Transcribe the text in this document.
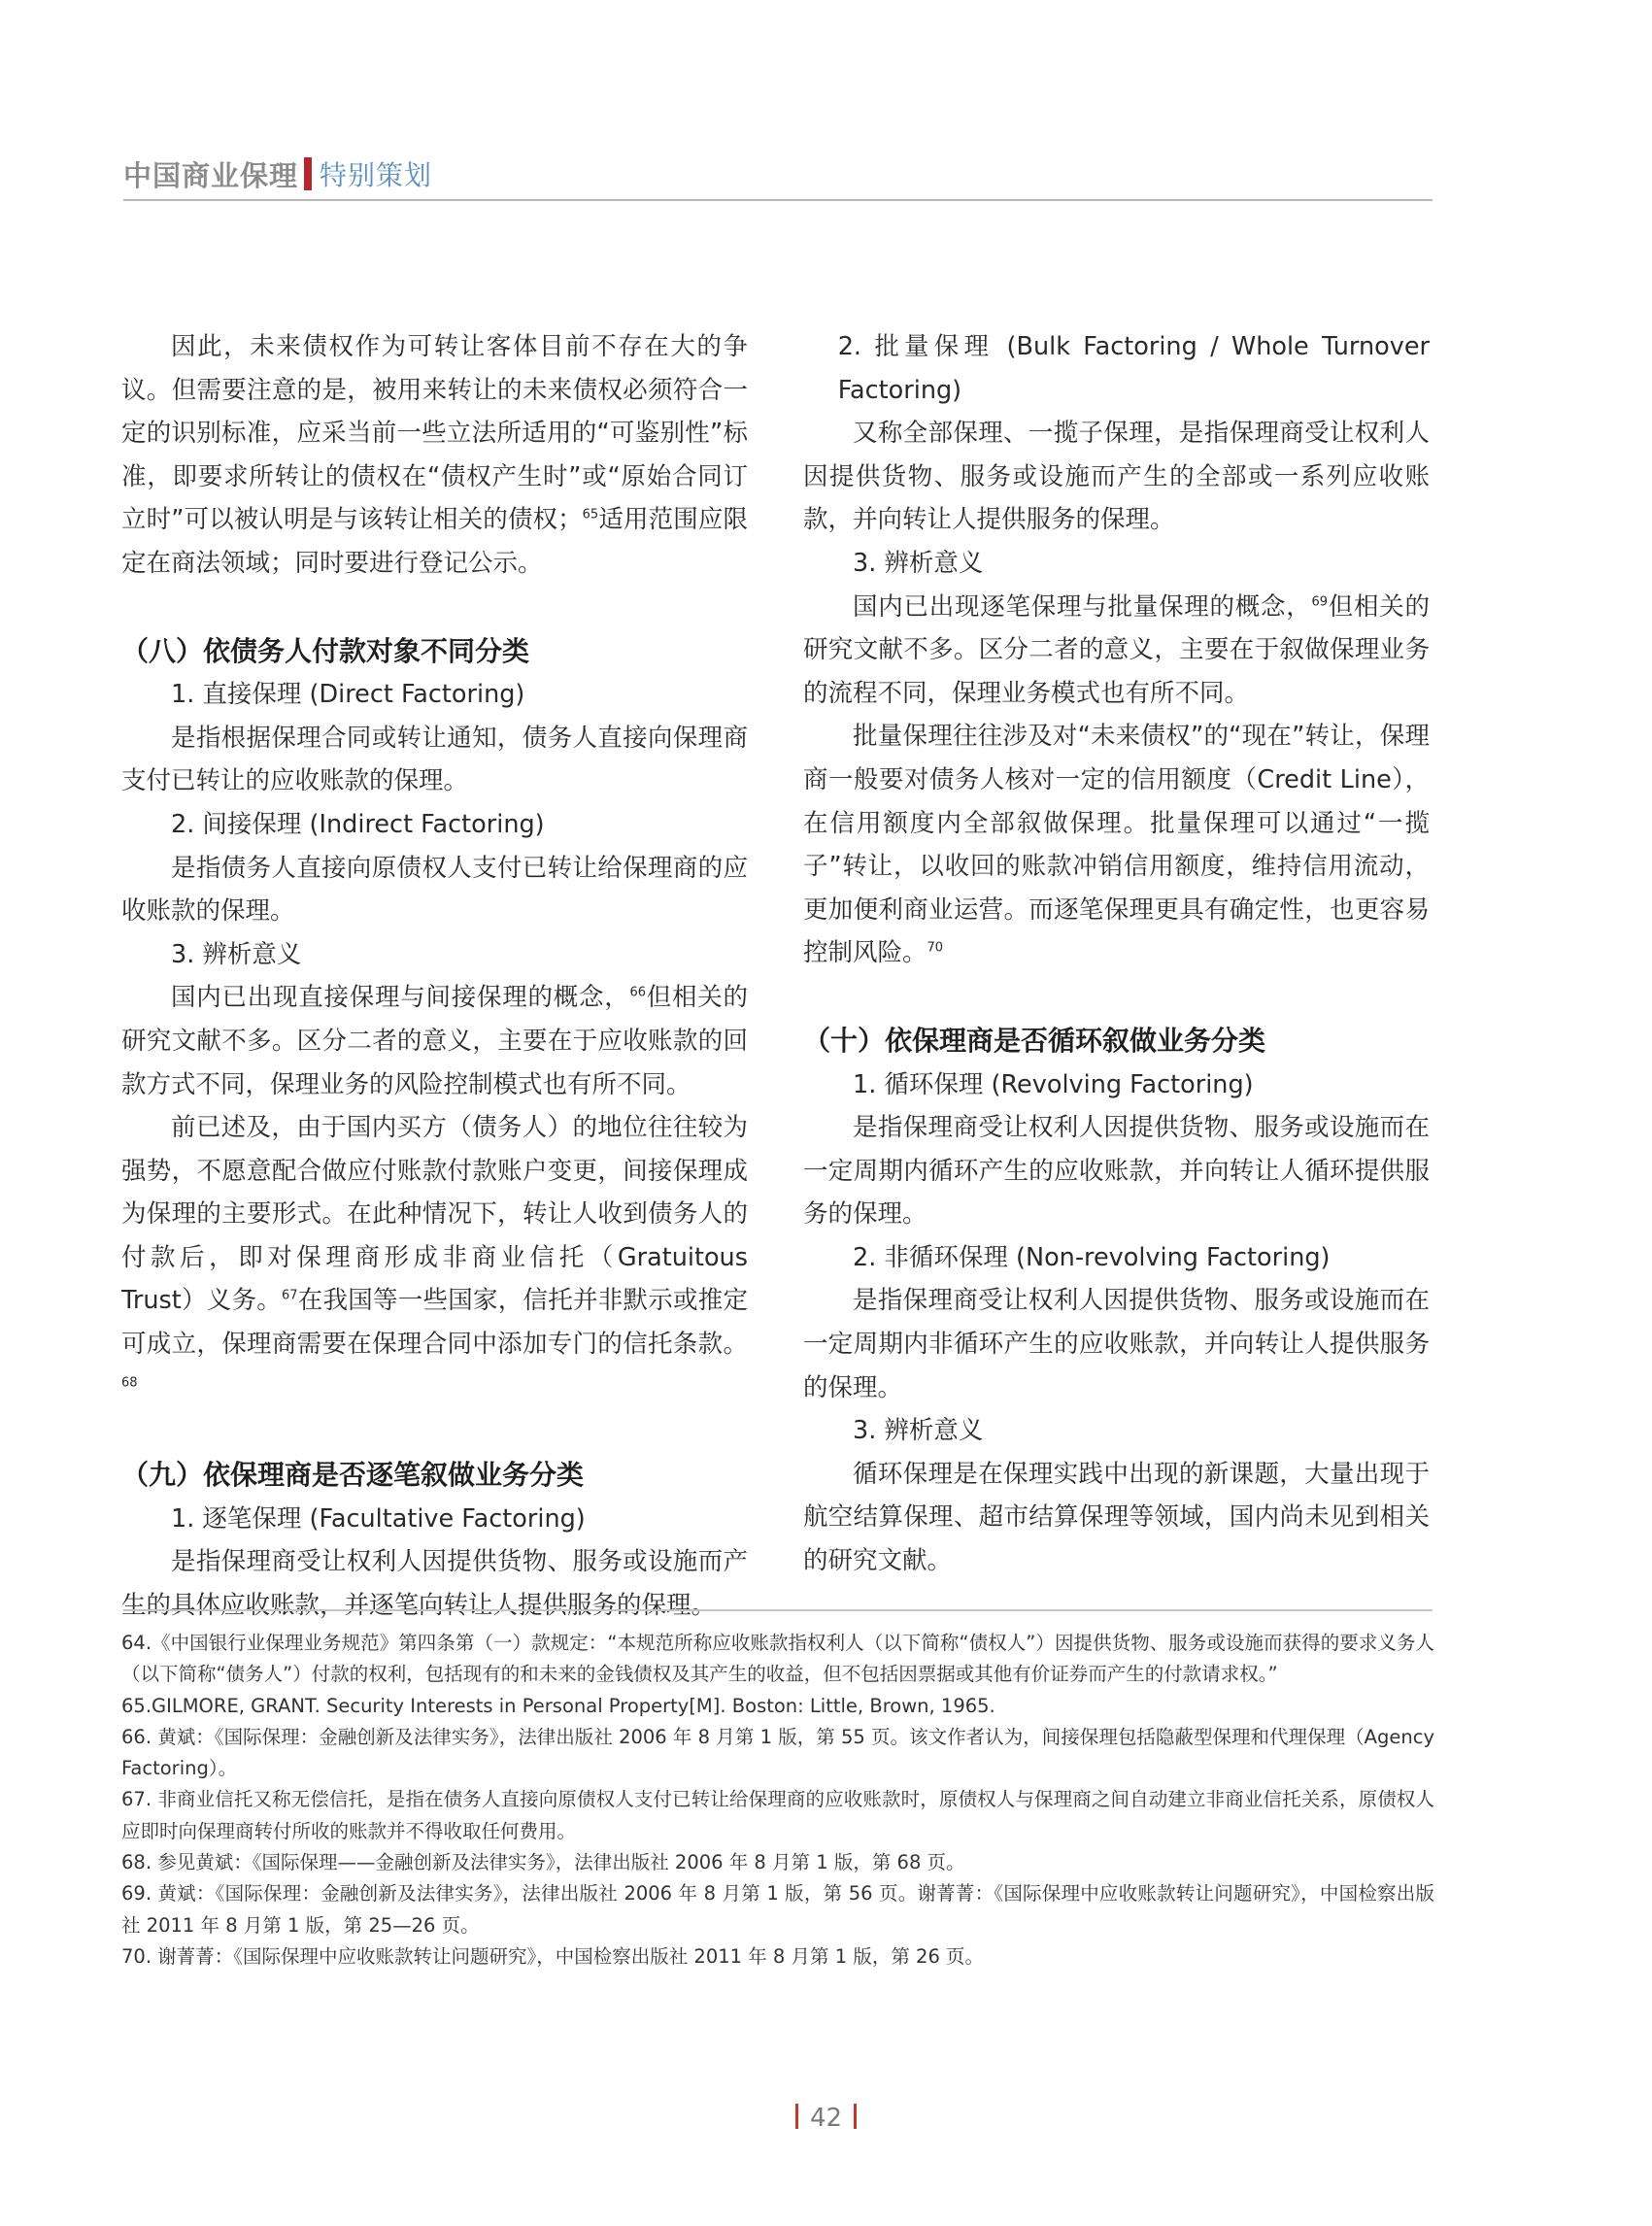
中国商业保理 特别策划

因此，未来债权作为可转让客体目前不存在大的争议。但需要注意的是，被用来转让的未来债权必须符合一定的识别标准，应采当前一些立法所适用的“可鉴别性”标准，即要求所转让的债权在“债权产生时”或“原始合同订立时”可以被认明是与该转让相关的债权；$^{65}$适用范围应限定在商法领域；同时要进行登记公示。

（八）依债务人付款对象不同分类

1. 直接保理 (Direct Factoring)

是指根据保理合同或转让通知，债务人直接向保理商支付已转让的应收账款的保理。

2. 间接保理 (Indirect Factoring)

是指债务人直接向原债权人支付已转让给保理商的应收账款的保理。

3. 辨析意义

国内已出现直接保理与间接保理的概念，$^{66}$但相关的研究文献不多。区分二者的意义，主要在于应收账款的回款方式不同，保理业务的风险控制模式也有所不同。

前已述及，由于国内买方（债务人）的地位往往较为强势，不愿意配合做应付账款付款账户变更，间接保理成为保理的主要形式。在此种情况下，转让人收到债务人的付款后，即对保理商形成非商业信托（Gratuitous Trust）义务。$^{67}$在我国等一些国家，信托并非默示或推定可成立，保理商需要在保理合同中添加专门的信托条款。$^{68}$

（九）依保理商是否逐笔叙做业务分类

1. 逐笔保理 (Facultative Factoring)

是指保理商受让权利人因提供货物、服务或设施而产生的具体应收账款，并逐笔向转让人提供服务的保理。

2. 批量保理 (Bulk Factoring / Whole Turnover Factoring)

又称全部保理、一揽子保理，是指保理商受让权利人因提供货物、服务或设施而产生的全部或一系列应收账款，并向转让人提供服务的保理。

3. 辨析意义

国内已出现逐笔保理与批量保理的概念，$^{69}$但相关的研究文献不多。区分二者的意义，主要在于叙做保理业务的流程不同，保理业务模式也有所不同。

批量保理往往涉及对“未来债权”的“现在”转让，保理商一般要对债务人核对一定的信用额度（Credit Line），在信用额度内全部叙做保理。批量保理可以通过“一揽子”转让，以收回的账款冲销信用额度，维持信用流动，更加便利商业运营。而逐笔保理更具有确定性，也更容易控制风险。$^{70}$

（十）依保理商是否循环叙做业务分类

1. 循环保理 (Revolving Factoring)

是指保理商受让权利人因提供货物、服务或设施而在一定周期内循环产生的应收账款，并向转让人循环提供服务的保理。

2. 非循环保理 (Non-revolving Factoring)

是指保理商受让权利人因提供货物、服务或设施而在一定周期内非循环产生的应收账款，并向转让人提供服务的保理。

3. 辨析意义

循环保理是在保理实践中出现的新课题，大量出现于航空结算保理、超市结算保理等领域，国内尚未见到相关的研究文献。

64.《中国银行业保理业务规范》第四条第（一）款规定：“本规范所称应收账款指权利人（以下简称“债权人”）因提供货物、服务或设施而获得的要求义务人（以下简称“债务人”）付款的权利，包括现有的和未来的金钱债权及其产生的收益，但不包括因票据或其他有价证券而产生的付款请求权。”

65.GILMORE, GRANT. Security Interests in Personal Property[M]. Boston: Little, Brown, 1965.

66. 黄斌：《国际保理：金融创新及法律实务》，法律出版社 2006 年 8 月第 1 版，第 55 页。该文作者认为，间接保理包括隐蔽型保理和代理保理（Agency Factoring）。

67. 非商业信托又称无偿信托，是指在债务人直接向原债权人支付已转让给保理商的应收账款时，原债权人与保理商之间自动建立非商业信托关系，原债权人应即时向保理商转付所收的账款并不得收取任何费用。

68. 参见黄斌：《国际保理——金融创新及法律实务》，法律出版社 2006 年 8 月第 1 版，第 68 页。

69. 黄斌：《国际保理：金融创新及法律实务》，法律出版社 2006 年 8 月第 1 版，第 56 页。谢菁菁：《国际保理中应收账款转让问题研究》，中国检察出版社 2011 年 8 月第 1 版，第 25—26 页。

70. 谢菁菁：《国际保理中应收账款转让问题研究》，中国检察出版社 2011 年 8 月第 1 版，第 26 页。

42
